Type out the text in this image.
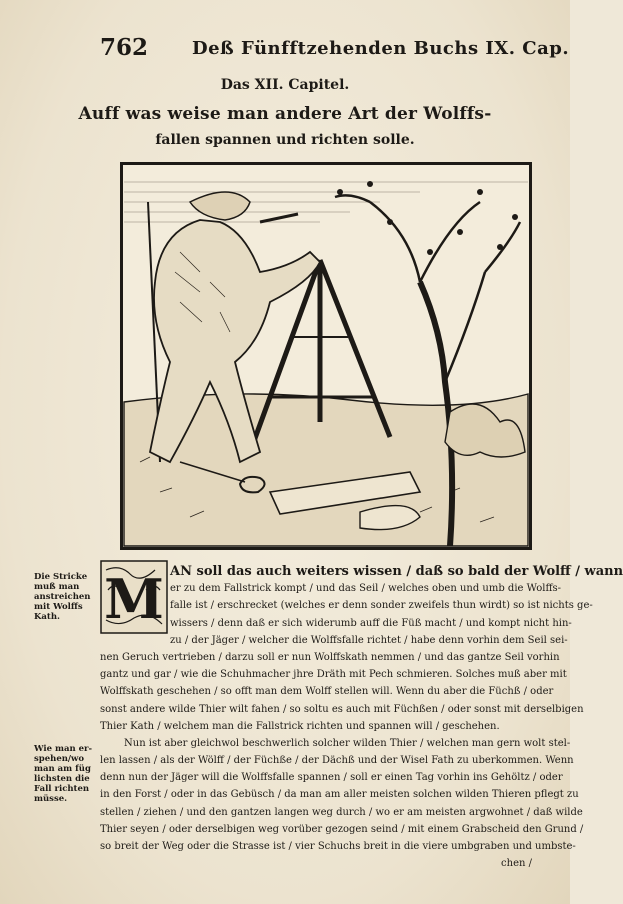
762 Deß Fünfftzehenden Buchs IX. Cap.
Das XII. Capitel.
Auff was weise man andere Art der Wolffs-
fallen spannen und richten solle.
Die Stricke
muß man
anstreichen
mit Wolffs
Kath.
Wie man er-
spehen/wo
man am füg
lichsten die
Fall richten
müsse.
M AN soll das auch weiters wissen / daß so bald der Wolff / wann
er zu dem Fallstrick kompt / und das Seil / welches oben und umb die Wolffs-
falle ist / erschrecket (welches er denn sonder zweifels thun wirdt) so ist nichts ge-
wissers / denn daß er sich widerumb auff die Füß macht / und kompt nicht hin-
zu / der Jäger / welcher die Wolffsfalle richtet / habe denn vorhin dem Seil sei-
nen Geruch vertrieben / darzu soll er nun Wolffskath nemmen / und das gantze Seil vorhin
gantz und gar / wie die Schuhmacher jhre Dräth mit Pech schmieren. Solches muß aber mit
Wolffskath geschehen / so offt man dem Wolff stellen will. Wenn du aber die Füchß / oder
sonst andere wilde Thier wilt fahen / so soltu es auch mit Füchßen / oder sonst mit derselbigen
Thier Kath / welchem man die Fallstrick richten und spannen will / geschehen.
Nun ist aber gleichwol beschwerlich solcher wilden Thier / welchen man gern wolt stel-
len lassen / als der Wölff / der Füchße / der Dächß und der Wisel Fath zu uberkommen. Wenn
denn nun der Jäger will die Wolffsfalle spannen / soll er einen Tag vorhin ins Gehöltz / oder
in den Forst / oder in das Gebüsch / da man am aller meisten solchen wilden Thieren pflegt zu
stellen / ziehen / und den gantzen langen weg durch / wo er am meisten argwohnet / daß wilde
Thier seyen / oder derselbigen weg vorüber gezogen seind / mit einem Grabscheid den Grund /
so breit der Weg oder die Strasse ist / vier Schuchs breit in die viere umbgraben und umbste-
chen /
